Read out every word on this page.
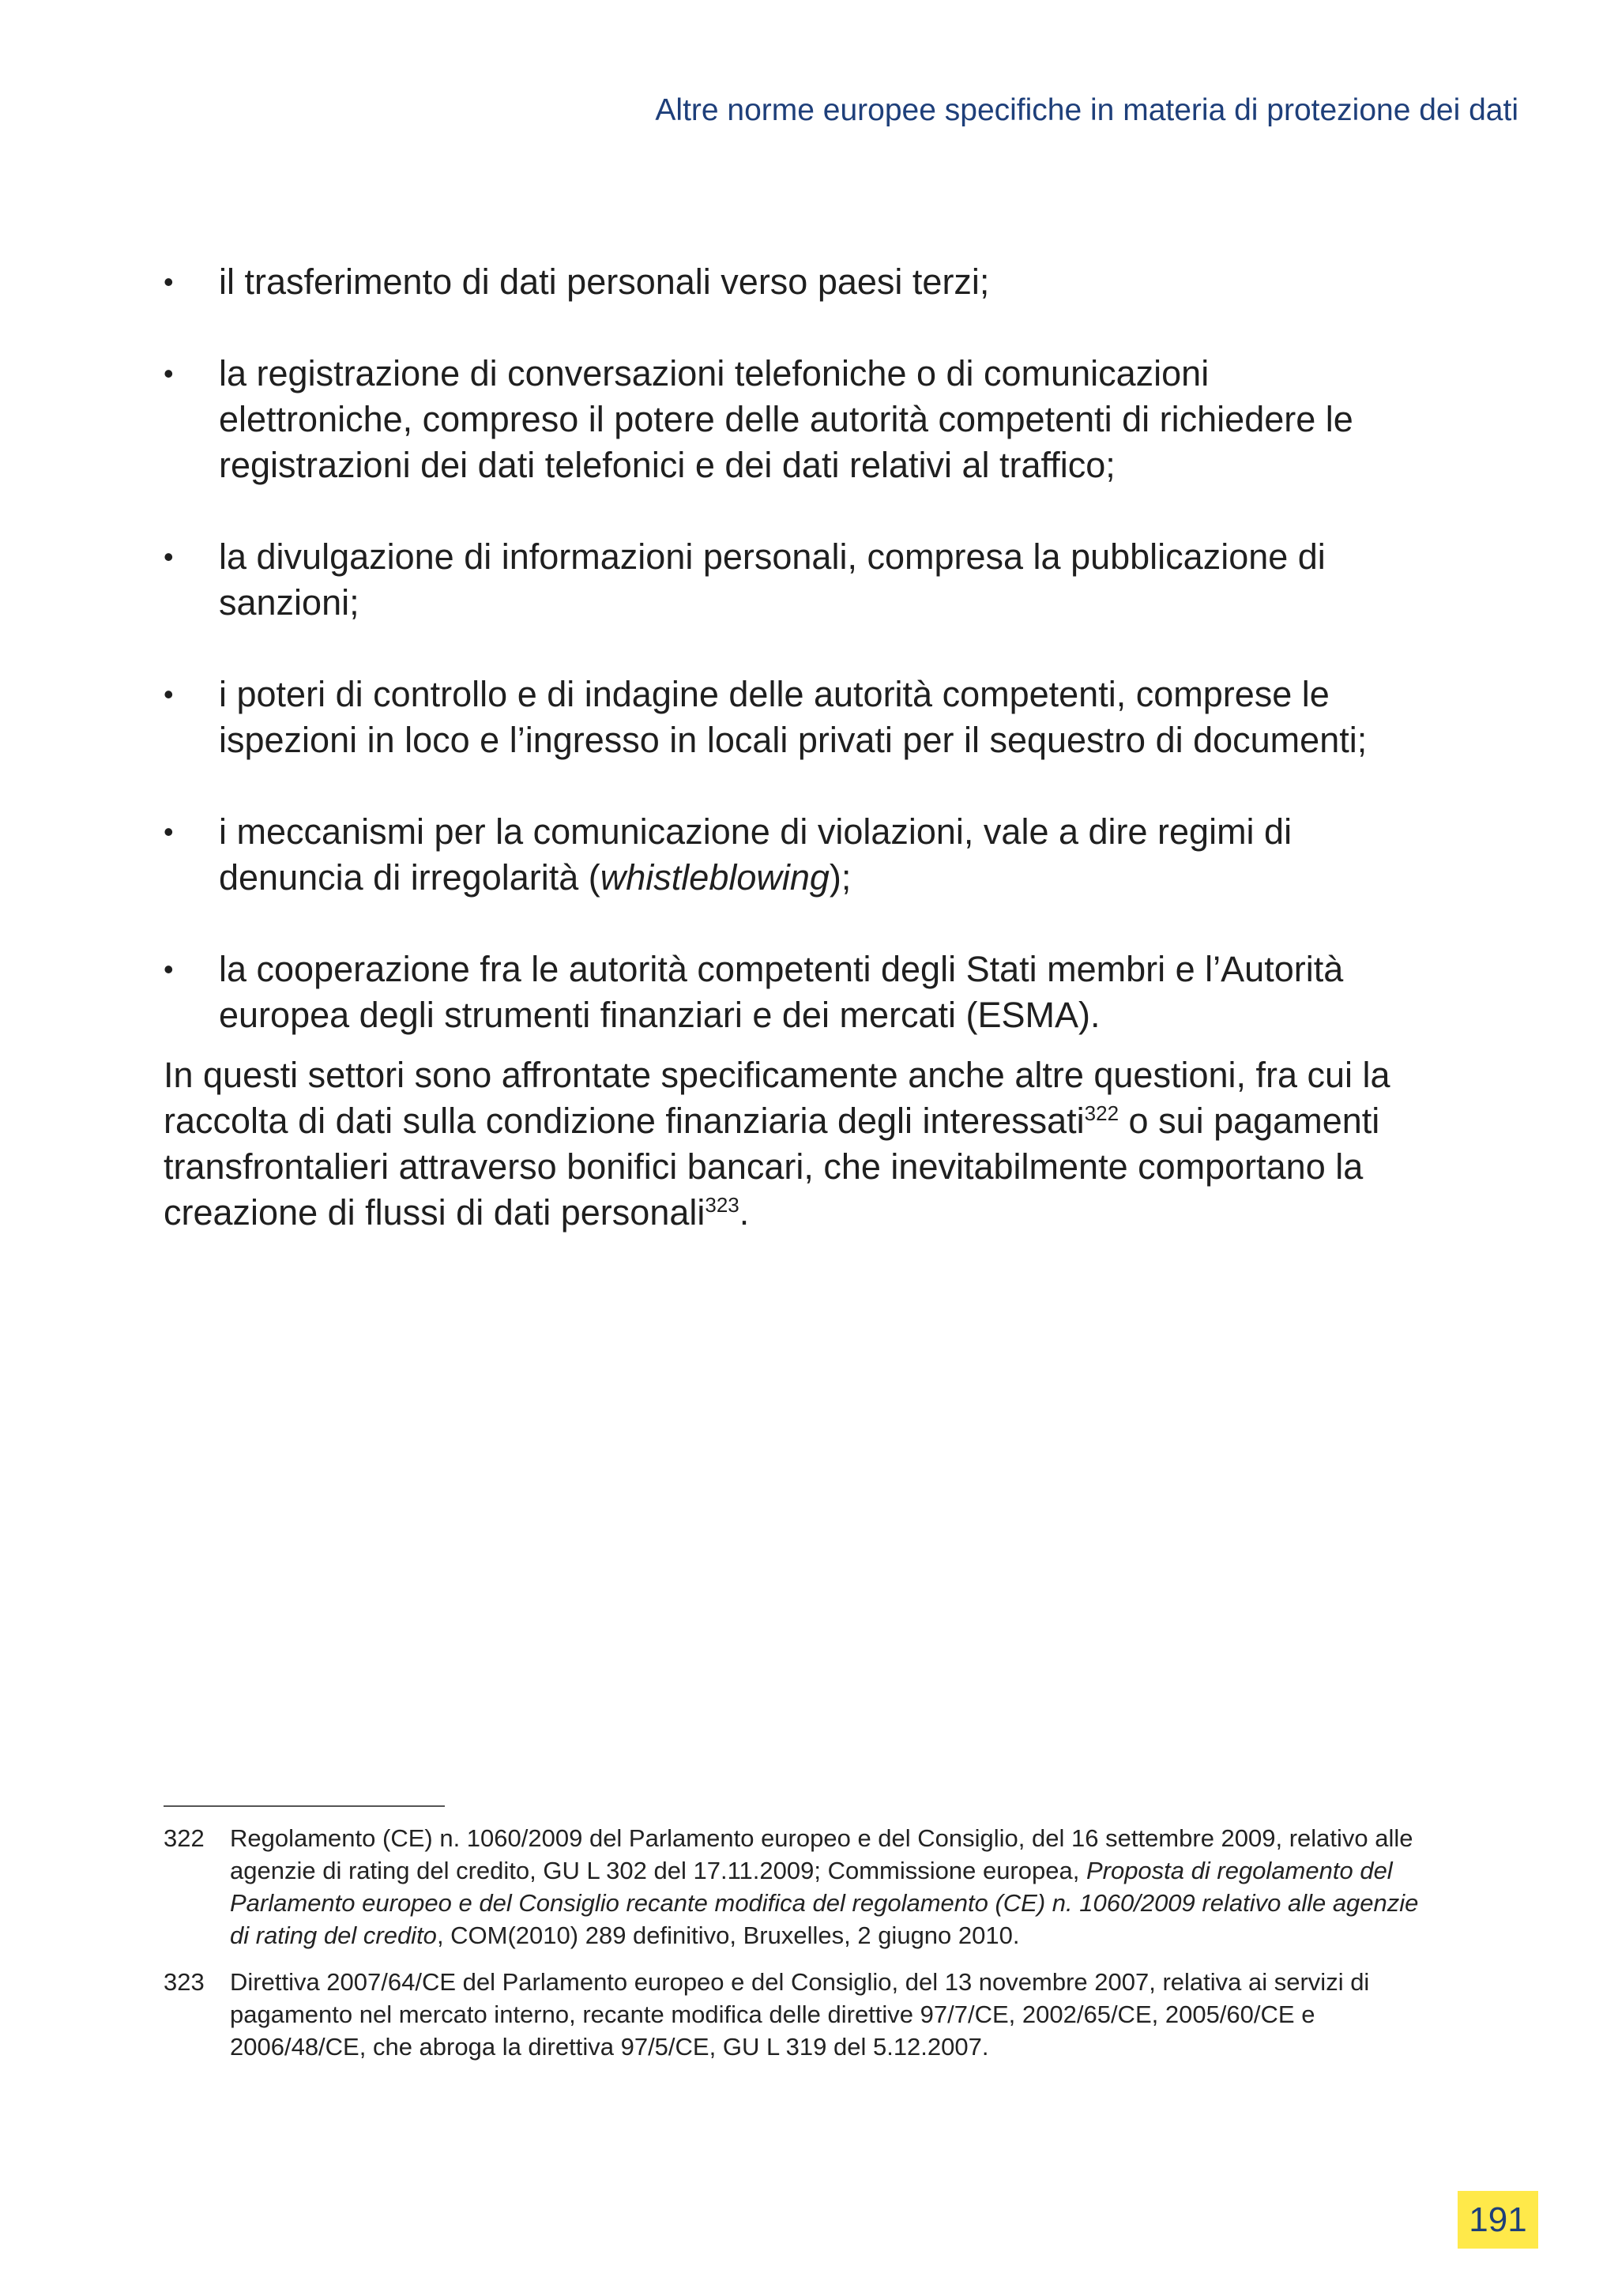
Altre norme europee specifiche in materia di protezione dei dati
• il trasferimento di dati personali verso paesi terzi;
• la registrazione di conversazioni telefoniche o di comunicazioni elettroniche, compreso il potere delle autorità competenti di richiedere le registrazioni dei dati telefonici e dei dati relativi al traffico;
• la divulgazione di informazioni personali, compresa la pubblicazione di sanzioni;
• i poteri di controllo e di indagine delle autorità competenti, comprese le ispezioni in loco e l’ingresso in locali privati per il sequestro di documenti;
• i meccanismi per la comunicazione di violazioni, vale a dire regimi di denuncia di irregolarità (whistleblowing);
• la cooperazione fra le autorità competenti degli Stati membri e l’Autorità europea degli strumenti finanziari e dei mercati (ESMA).

In questi settori sono affrontate specificamente anche altre questioni, fra cui la raccolta di dati sulla condizione finanziaria degli interessati$^{322}$ o sui pagamenti transfrontalieri attraverso bonifici bancari, che inevitabilmente comportano la creazione di flussi di dati personali$^{323}$.

322 Regolamento (CE) n. 1060/2009 del Parlamento europeo e del Consiglio, del 16 settembre 2009, relativo alle agenzie di rating del credito, GU L 302 del 17.11.2009; Commissione europea, Proposta di regolamento del Parlamento europeo e del Consiglio recante modifica del regolamento (CE) n. 1060/2009 relativo alle agenzie di rating del credito, COM(2010) 289 definitivo, Bruxelles, 2 giugno 2010.
323 Direttiva 2007/64/CE del Parlamento europeo e del Consiglio, del 13 novembre 2007, relativa ai servizi di pagamento nel mercato interno, recante modifica delle direttive 97/7/CE, 2002/65/CE, 2005/60/CE e 2006/48/CE, che abroga la direttiva 97/5/CE, GU L 319 del 5.12.2007.
191
